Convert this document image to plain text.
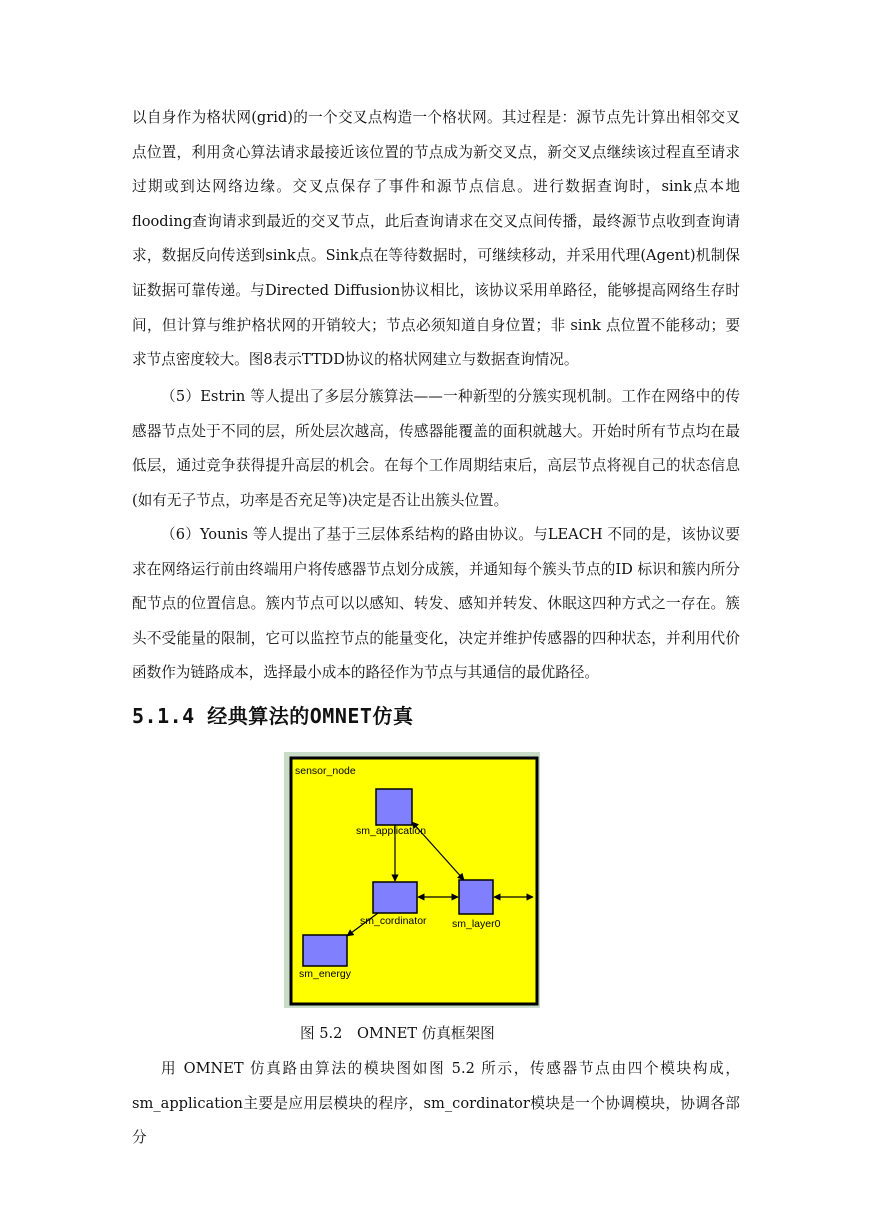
以自身作为格状网(grid)的一个交叉点构造一个格状网。其过程是：源节点先计算出相邻交叉点位置，利用贪心算法请求最接近该位置的节点成为新交叉点，新交叉点继续该过程直至请求过期或到达网络边缘。交叉点保存了事件和源节点信息。进行数据查询时，sink点本地flooding查询请求到最近的交叉节点，此后查询请求在交叉点间传播，最终源节点收到查询请求，数据反向传送到sink点。Sink点在等待数据时，可继续移动，并采用代理(Agent)机制保证数据可靠传递。与Directed Diffusion协议相比，该协议采用单路径，能够提高网络生存时间，但计算与维护格状网的开销较大；节点必须知道自身位置；非 sink 点位置不能移动；要求节点密度较大。图8表示TTDD协议的格状网建立与数据查询情况。

（5）Estrin 等人提出了多层分簇算法——一种新型的分簇实现机制。工作在网络中的传感器节点处于不同的层，所处层次越高，传感器能覆盖的面积就越大。开始时所有节点均在最低层，通过竞争获得提升高层的机会。在每个工作周期结束后，高层节点将视自己的状态信息(如有无子节点，功率是否充足等)决定是否让出簇头位置。

（6）Younis 等人提出了基于三层体系结构的路由协议。与LEACH 不同的是，该协议要求在网络运行前由终端用户将传感器节点划分成簇，并通知每个簇头节点的ID 标识和簇内所分配节点的位置信息。簇内节点可以以感知、转发、感知并转发、休眠这四种方式之一存在。簇头不受能量的限制，它可以监控节点的能量变化，决定并维护传感器的四种状态，并利用代价函数作为链路成本，选择最小成本的路径作为节点与其通信的最优路径。

5.1.4 经典算法的OMNET仿真
sensor_node
sm_application
sm_cordinator sm_layer0
sm_energy
图 5.2　OMNET 仿真框架图

用 OMNET 仿真路由算法的模块图如图 5.2 所示，传感器节点由四个模块构成，sm_application主要是应用层模块的程序，sm_cordinator模块是一个协调模块，协调各部分
